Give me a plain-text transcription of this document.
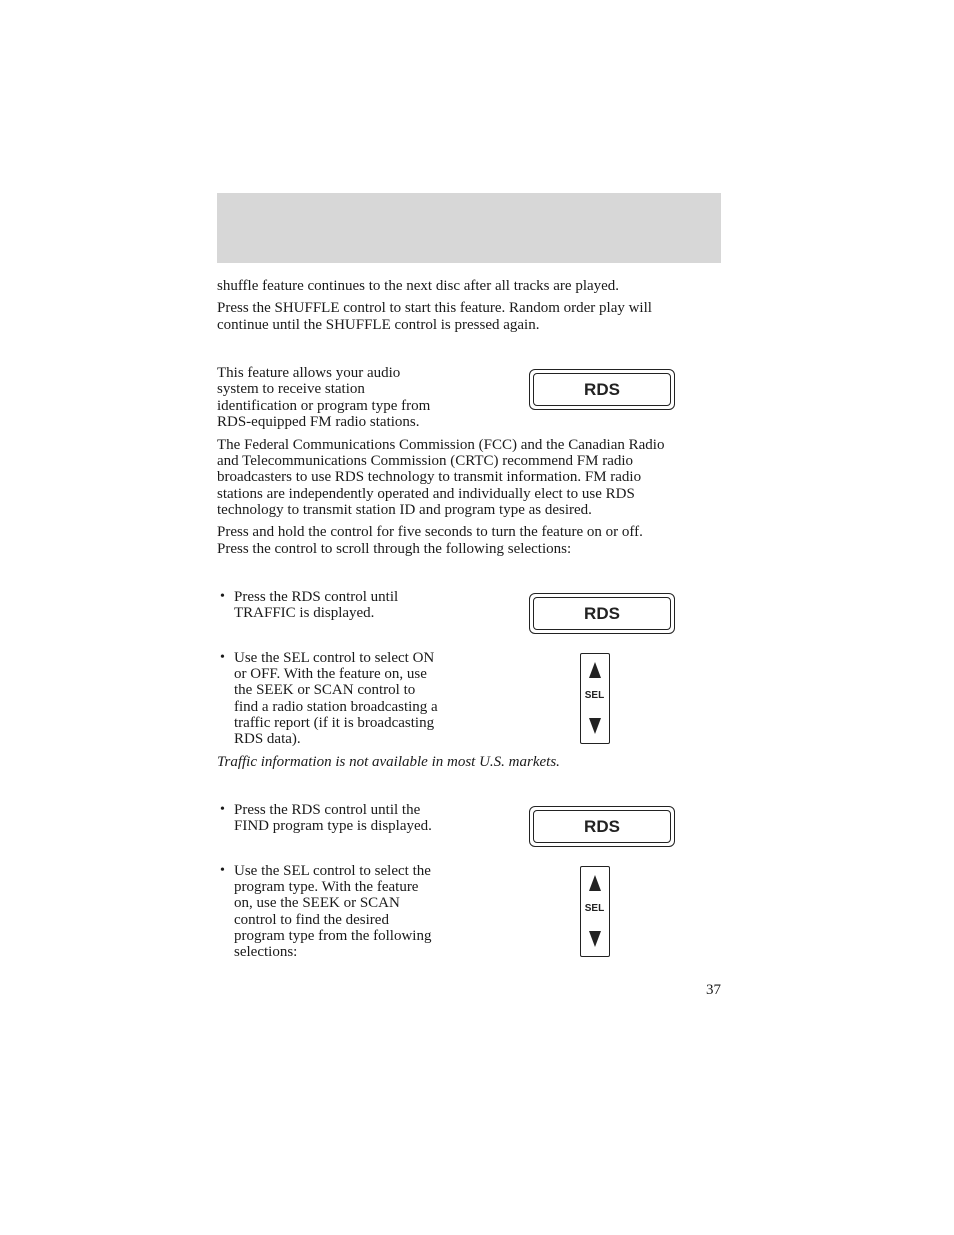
shuffle feature continues to the next disc after all tracks are played.

Press the SHUFFLE control to start this feature. Random order play will

continue until the SHUFFLE control is pressed again.

This feature allows your audio

system to receive station

identification or program type from

RDS-equipped FM radio stations.

RDS

The Federal Communications Commission (FCC) and the Canadian Radio

and Telecommunications Commission (CRTC) recommend FM radio

broadcasters to use RDS technology to transmit information. FM radio

stations are independently operated and individually elect to use RDS

technology to transmit station ID and program type as desired.

Press and hold the control for five seconds to turn the feature on or off.

Press the control to scroll through the following selections:

• Press the RDS control until

TRAFFIC is displayed.	RDS
• Use the SEL control to select ON

or OFF. With the feature on, use

the SEEK or SCAN control to

find a radio station broadcasting a

traffic report (if it is broadcasting

RDS data).

SEL

Traffic information is not available in most U.S. markets.

• Press the RDS control until the

FIND program type is displayed.	RDS
• Use the SEL control to select the

program type. With the feature

on, use the SEEK or SCAN

control to find the desired

program type from the following

selections:

SEL
37
